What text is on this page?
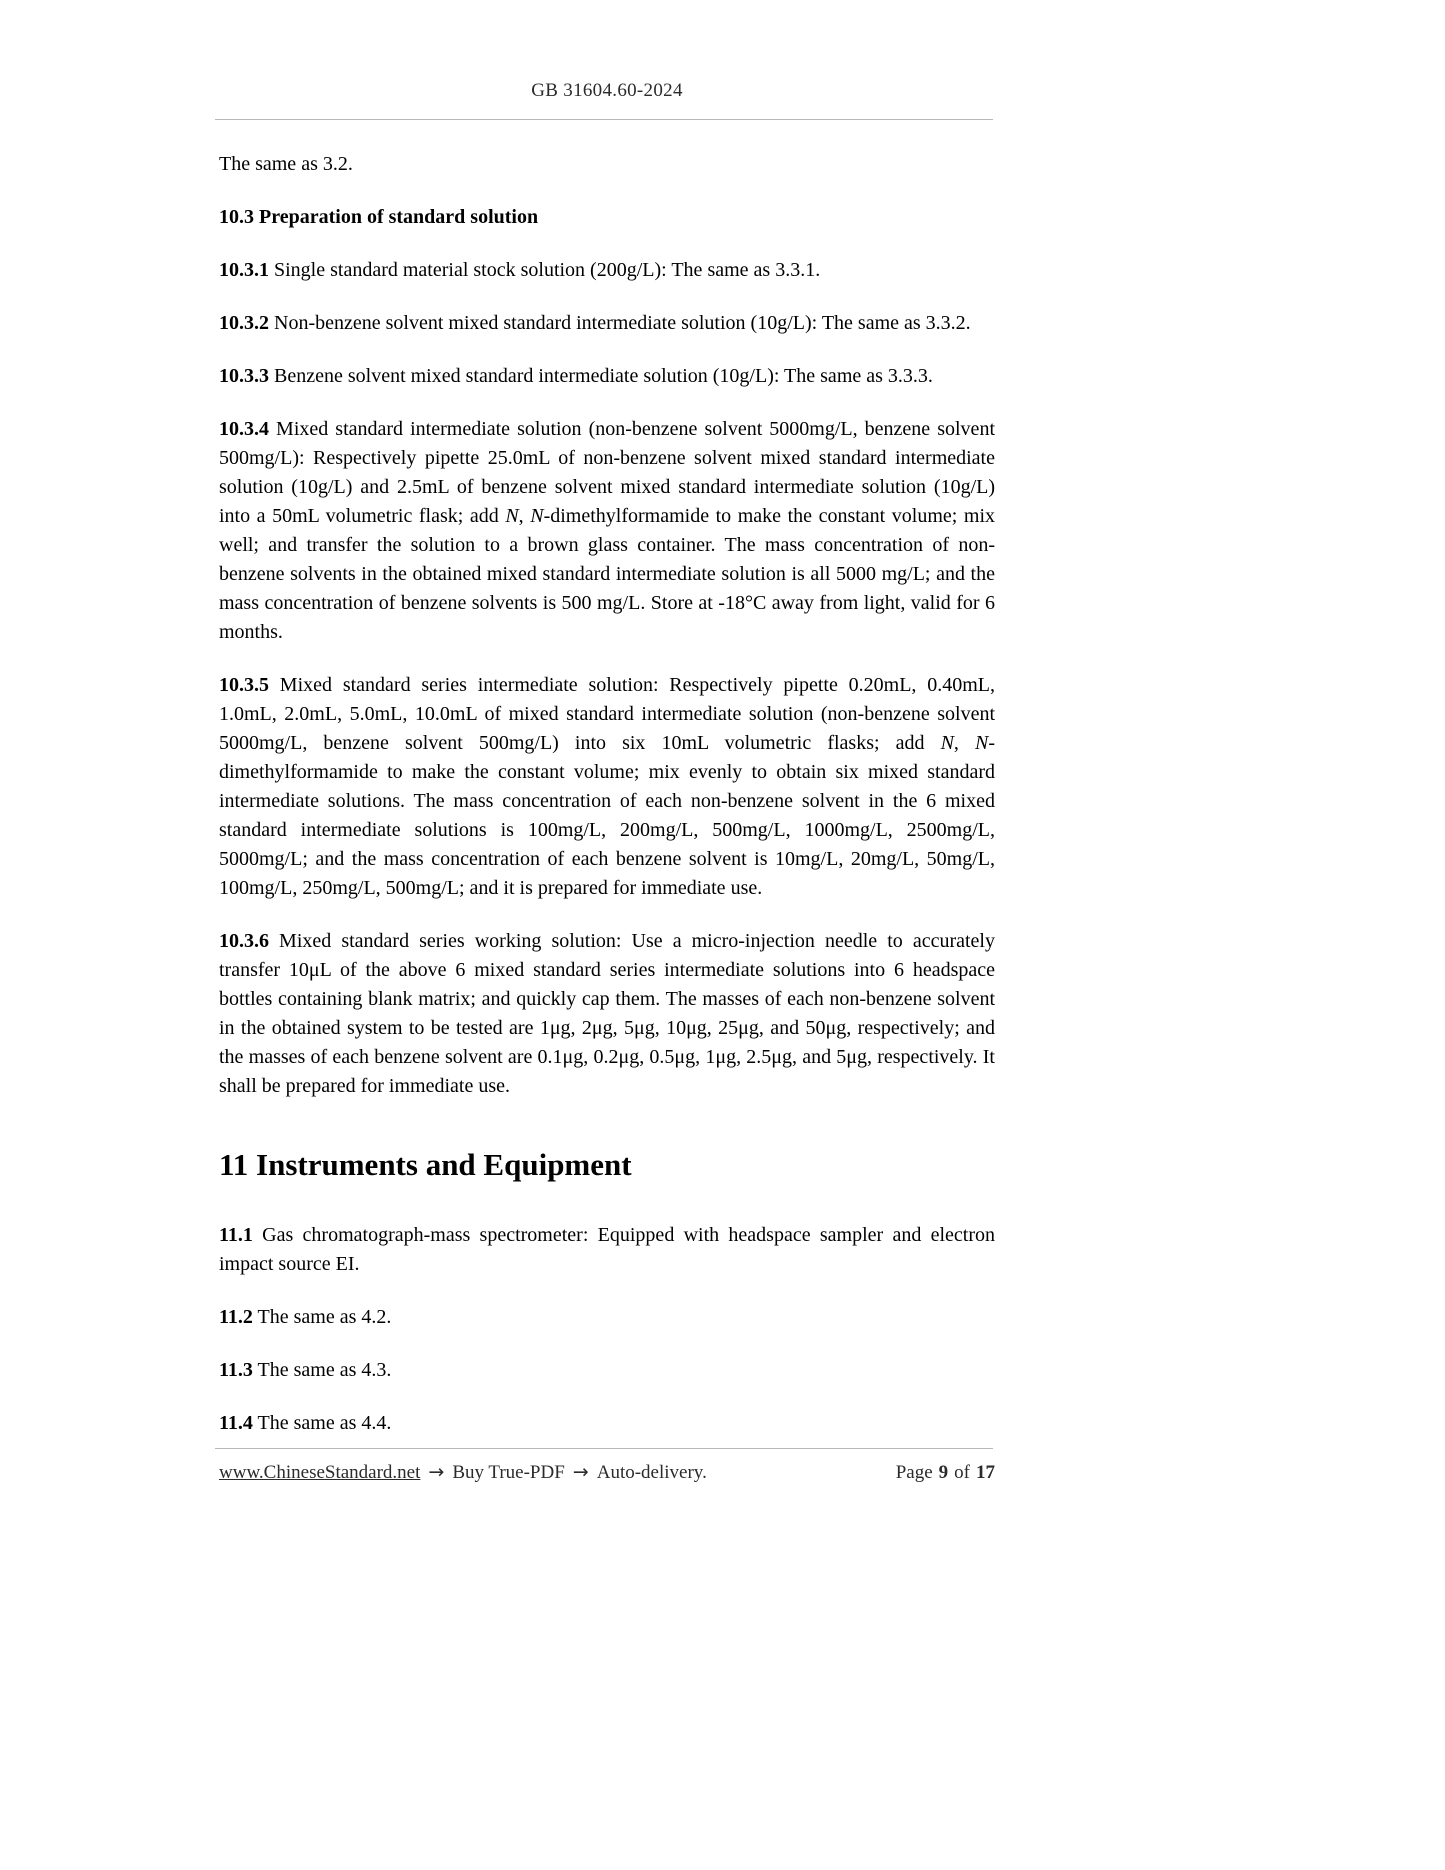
GB 31604.60-2024

The same as 3.2.

10.3 Preparation of standard solution

10.3.1 Single standard material stock solution (200g/L): The same as 3.3.1.

10.3.2 Non-benzene solvent mixed standard intermediate solution (10g/L): The same as 3.3.2.

10.3.3 Benzene solvent mixed standard intermediate solution (10g/L): The same as 3.3.3.

10.3.4 Mixed standard intermediate solution (non-benzene solvent 5000mg/L, benzene solvent 500mg/L): Respectively pipette 25.0mL of non-benzene solvent mixed standard intermediate solution (10g/L) and 2.5mL of benzene solvent mixed standard intermediate solution (10g/L) into a 50mL volumetric flask; add N, N-dimethylformamide to make the constant volume; mix well; and transfer the solution to a brown glass container. The mass concentration of non-benzene solvents in the obtained mixed standard intermediate solution is all 5000 mg/L; and the mass concentration of benzene solvents is 500 mg/L. Store at -18°C away from light, valid for 6 months.

10.3.5 Mixed standard series intermediate solution: Respectively pipette 0.20mL, 0.40mL, 1.0mL, 2.0mL, 5.0mL, 10.0mL of mixed standard intermediate solution (non-benzene solvent 5000mg/L, benzene solvent 500mg/L) into six 10mL volumetric flasks; add N, N-dimethylformamide to make the constant volume; mix evenly to obtain six mixed standard intermediate solutions. The mass concentration of each non-benzene solvent in the 6 mixed standard intermediate solutions is 100mg/L, 200mg/L, 500mg/L, 1000mg/L, 2500mg/L, 5000mg/L; and the mass concentration of each benzene solvent is 10mg/L, 20mg/L, 50mg/L, 100mg/L, 250mg/L, 500mg/L; and it is prepared for immediate use.

10.3.6 Mixed standard series working solution: Use a micro-injection needle to accurately transfer 10μL of the above 6 mixed standard series intermediate solutions into 6 headspace bottles containing blank matrix; and quickly cap them. The masses of each non-benzene solvent in the obtained system to be tested are 1μg, 2μg, 5μg, 10μg, 25μg, and 50μg, respectively; and the masses of each benzene solvent are 0.1μg, 0.2μg, 0.5μg, 1μg, 2.5μg, and 5μg, respectively. It shall be prepared for immediate use.

11 Instruments and Equipment

11.1 Gas chromatograph-mass spectrometer: Equipped with headspace sampler and electron impact source EI.

11.2 The same as 4.2.

11.3 The same as 4.3.

11.4 The same as 4.4.

www.ChineseStandard.net → Buy True-PDF → Auto-delivery.	Page 9 of 17
